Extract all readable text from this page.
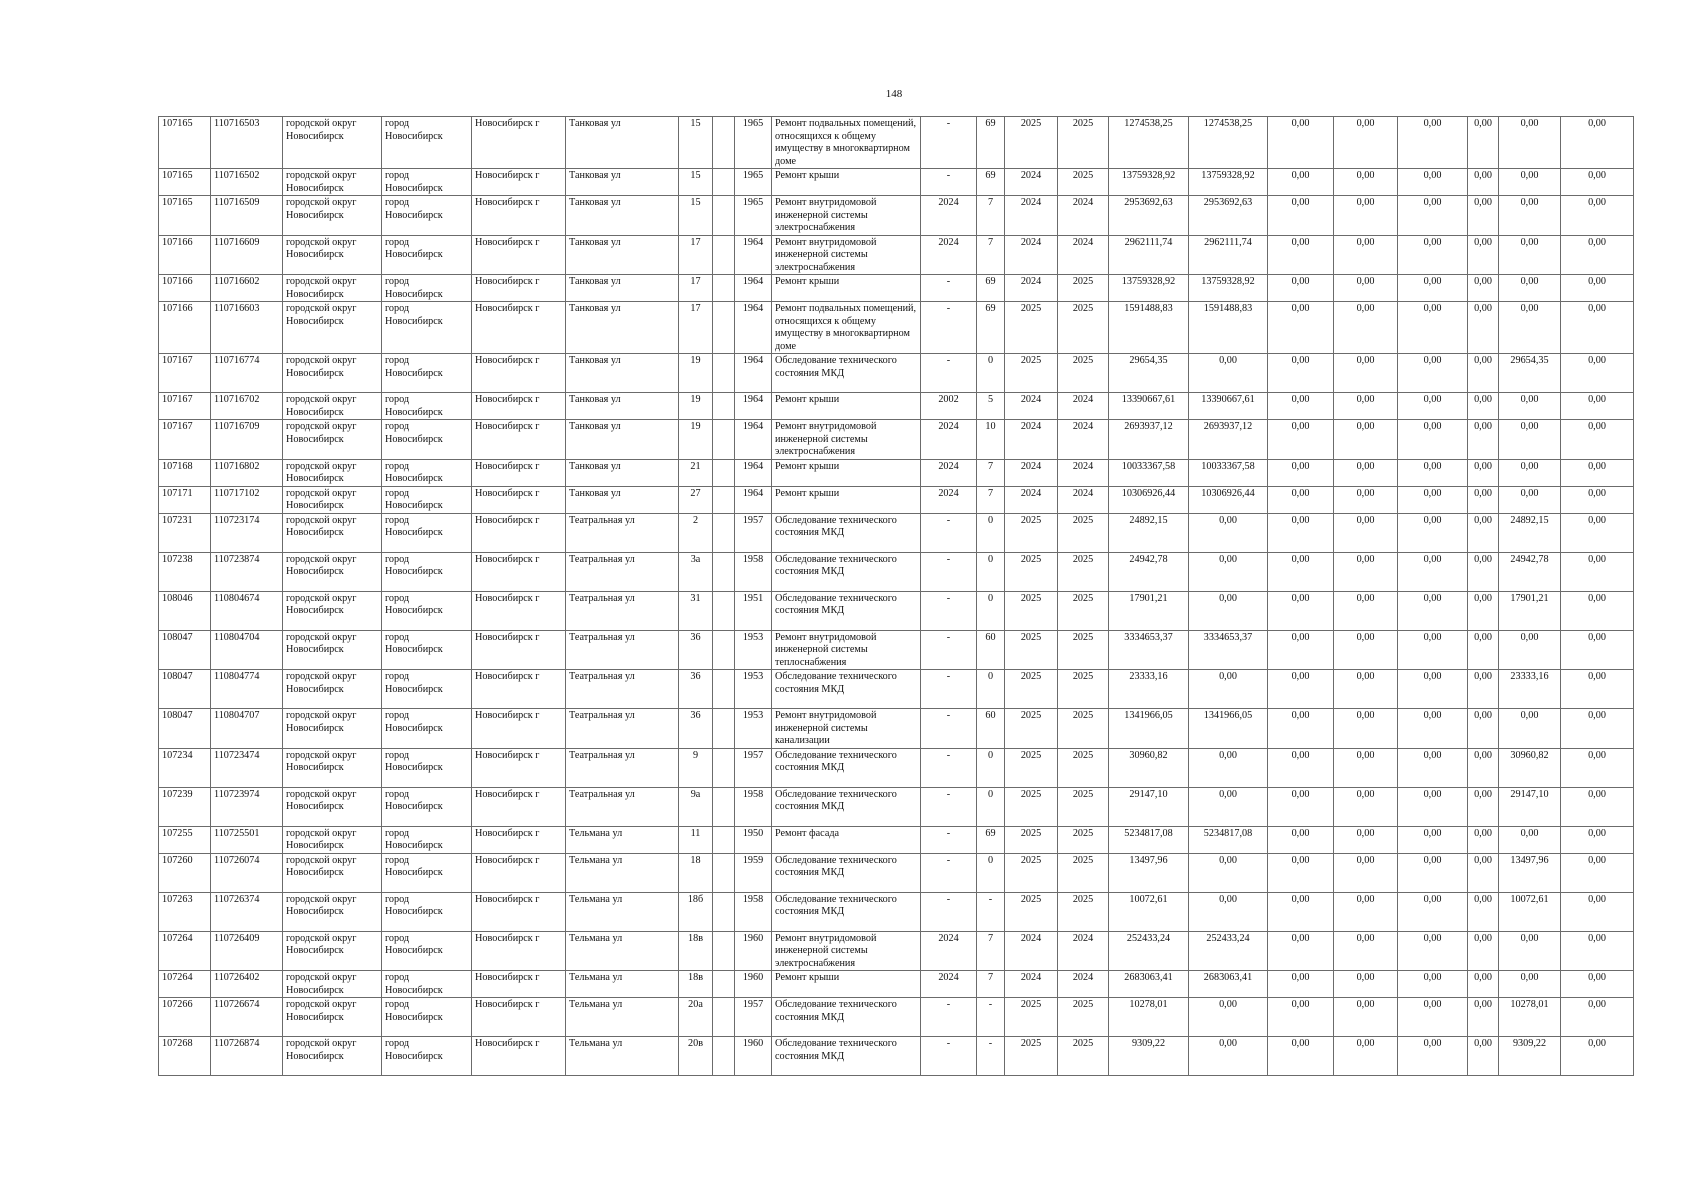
148
107165	110716503	городской округ Новосибирск	город Новосибирск	Новосибирск г	Танковая ул	15		1965	Ремонт подвальных помещений, относящихся к общему имуществу в многоквартирном доме	-	69	2025	2025	1274538,25	1274538,25	0,00	0,00	0,00	0,00	0,00	0,00
107165	110716502	городской округ Новосибирск	город Новосибирск	Новосибирск г	Танковая ул	15		1965	Ремонт крыши	-	69	2024	2025	13759328,92	13759328,92	0,00	0,00	0,00	0,00	0,00	0,00
107165	110716509	городской округ Новосибирск	город Новосибирск	Новосибирск г	Танковая ул	15		1965	Ремонт внутридомовой инженерной системы электроснабжения	2024	7	2024	2024	2953692,63	2953692,63	0,00	0,00	0,00	0,00	0,00	0,00
107166	110716609	городской округ Новосибирск	город Новосибирск	Новосибирск г	Танковая ул	17		1964	Ремонт внутридомовой инженерной системы электроснабжения	2024	7	2024	2024	2962111,74	2962111,74	0,00	0,00	0,00	0,00	0,00	0,00
107166	110716602	городской округ Новосибирск	город Новосибирск	Новосибирск г	Танковая ул	17		1964	Ремонт крыши	-	69	2024	2025	13759328,92	13759328,92	0,00	0,00	0,00	0,00	0,00	0,00
107166	110716603	городской округ Новосибирск	город Новосибирск	Новосибирск г	Танковая ул	17		1964	Ремонт подвальных помещений, относящихся к общему имуществу в многоквартирном доме	-	69	2025	2025	1591488,83	1591488,83	0,00	0,00	0,00	0,00	0,00	0,00
107167	110716774	городской округ Новосибирск	город Новосибирск	Новосибирск г	Танковая ул	19		1964	Обследование технического состояния МКД	-	0	2025	2025	29654,35	0,00	0,00	0,00	0,00	0,00	29654,35	0,00
107167	110716702	городской округ Новосибирск	город Новосибирск	Новосибирск г	Танковая ул	19		1964	Ремонт крыши	2002	5	2024	2024	13390667,61	13390667,61	0,00	0,00	0,00	0,00	0,00	0,00
107167	110716709	городской округ Новосибирск	город Новосибирск	Новосибирск г	Танковая ул	19		1964	Ремонт внутридомовой инженерной системы электроснабжения	2024	10	2024	2024	2693937,12	2693937,12	0,00	0,00	0,00	0,00	0,00	0,00
107168	110716802	городской округ Новосибирск	город Новосибирск	Новосибирск г	Танковая ул	21		1964	Ремонт крыши	2024	7	2024	2024	10033367,58	10033367,58	0,00	0,00	0,00	0,00	0,00	0,00
107171	110717102	городской округ Новосибирск	город Новосибирск	Новосибирск г	Танковая ул	27		1964	Ремонт крыши	2024	7	2024	2024	10306926,44	10306926,44	0,00	0,00	0,00	0,00	0,00	0,00
107231	110723174	городской округ Новосибирск	город Новосибирск	Новосибирск г	Театральная ул	2		1957	Обследование технического состояния МКД	-	0	2025	2025	24892,15	0,00	0,00	0,00	0,00	0,00	24892,15	0,00
107238	110723874	городской округ Новосибирск	город Новосибирск	Новосибирск г	Театральная ул	3а		1958	Обследование технического состояния МКД	-	0	2025	2025	24942,78	0,00	0,00	0,00	0,00	0,00	24942,78	0,00
108046	110804674	городской округ Новосибирск	город Новосибирск	Новосибирск г	Театральная ул	31		1951	Обследование технического состояния МКД	-	0	2025	2025	17901,21	0,00	0,00	0,00	0,00	0,00	17901,21	0,00
108047	110804704	городской округ Новосибирск	город Новосибирск	Новосибирск г	Театральная ул	36		1953	Ремонт внутридомовой инженерной системы теплоснабжения	-	60	2025	2025	3334653,37	3334653,37	0,00	0,00	0,00	0,00	0,00	0,00
108047	110804774	городской округ Новосибирск	город Новосибирск	Новосибирск г	Театральная ул	36		1953	Обследование технического состояния МКД	-	0	2025	2025	23333,16	0,00	0,00	0,00	0,00	0,00	23333,16	0,00
108047	110804707	городской округ Новосибирск	город Новосибирск	Новосибирск г	Театральная ул	36		1953	Ремонт внутридомовой инженерной системы канализации	-	60	2025	2025	1341966,05	1341966,05	0,00	0,00	0,00	0,00	0,00	0,00
107234	110723474	городской округ Новосибирск	город Новосибирск	Новосибирск г	Театральная ул	9		1957	Обследование технического состояния МКД	-	0	2025	2025	30960,82	0,00	0,00	0,00	0,00	0,00	30960,82	0,00
107239	110723974	городской округ Новосибирск	город Новосибирск	Новосибирск г	Театральная ул	9а		1958	Обследование технического состояния МКД	-	0	2025	2025	29147,10	0,00	0,00	0,00	0,00	0,00	29147,10	0,00
107255	110725501	городской округ Новосибирск	город Новосибирск	Новосибирск г	Тельмана ул	11		1950	Ремонт фасада	-	69	2025	2025	5234817,08	5234817,08	0,00	0,00	0,00	0,00	0,00	0,00
107260	110726074	городской округ Новосибирск	город Новосибирск	Новосибирск г	Тельмана ул	18		1959	Обследование технического состояния МКД	-	0	2025	2025	13497,96	0,00	0,00	0,00	0,00	0,00	13497,96	0,00
107263	110726374	городской округ Новосибирск	город Новосибирск	Новосибирск г	Тельмана ул	18б		1958	Обследование технического состояния МКД	-	-	2025	2025	10072,61	0,00	0,00	0,00	0,00	0,00	10072,61	0,00
107264	110726409	городской округ Новосибирск	город Новосибирск	Новосибирск г	Тельмана ул	18в		1960	Ремонт внутридомовой инженерной системы электроснабжения	2024	7	2024	2024	252433,24	252433,24	0,00	0,00	0,00	0,00	0,00	0,00
107264	110726402	городской округ Новосибирск	город Новосибирск	Новосибирск г	Тельмана ул	18в		1960	Ремонт крыши	2024	7	2024	2024	2683063,41	2683063,41	0,00	0,00	0,00	0,00	0,00	0,00
107266	110726674	городской округ Новосибирск	город Новосибирск	Новосибирск г	Тельмана ул	20а		1957	Обследование технического состояния МКД	-	-	2025	2025	10278,01	0,00	0,00	0,00	0,00	0,00	10278,01	0,00
107268	110726874	городской округ Новосибирск	город Новосибирск	Новосибирск г	Тельмана ул	20в		1960	Обследование технического состояния МКД	-	-	2025	2025	9309,22	0,00	0,00	0,00	0,00	0,00	9309,22	0,00
